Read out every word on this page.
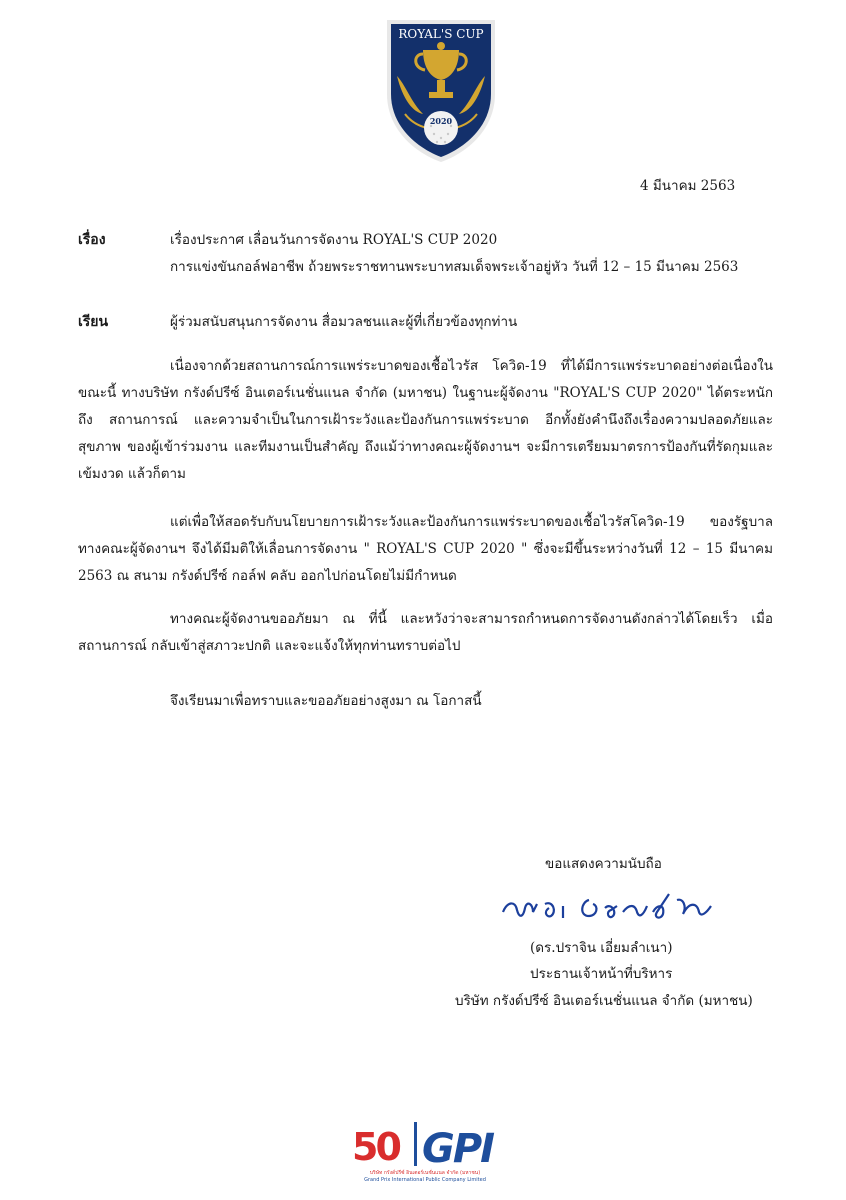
ROYAL'S CUP
2020
4 มีนาคม 2563
เรื่อง	เรื่องประกาศ เลื่อนวันการจัดงาน ROYAL'S CUP 2020
การแข่งขันกอล์ฟอาชีพ ถ้วยพระราชทานพระบาทสมเด็จพระเจ้าอยู่หัว วันที่ 12 – 15 มีนาคม 2563
เรียน	ผู้ร่วมสนับสนุนการจัดงาน สื่อมวลชนและผู้ที่เกี่ยวข้องทุกท่าน

เนื่องจากด้วยสถานการณ์การแพร่ระบาดของเชื้อไวรัส โควิด-19 ที่ได้มีการแพร่ระบาดอย่างต่อเนื่องใน ขณะนี้ ทางบริษัท กรังด์ปรีซ์ อินเตอร์เนชั่นแนล จำกัด (มหาชน) ในฐานะผู้จัดงาน "ROYAL'S CUP 2020" ได้ตระหนักถึง สถานการณ์ และความจำเป็นในการเฝ้าระวังและป้องกันการแพร่ระบาด อีกทั้งยังคำนึงถึงเรื่องความปลอดภัยและสุขภาพ ของผู้เข้าร่วมงาน และทีมงานเป็นสำคัญ ถึงแม้ว่าทางคณะผู้จัดงานฯ จะมีการเตรียมมาตรการป้องกันที่รัดกุมและเข้มงวด แล้วก็ตาม

แต่เพื่อให้สอดรับกับนโยบายการเฝ้าระวังและป้องกันการแพร่ระบาดของเชื้อไวรัสโควิด-19 ของรัฐบาล ทางคณะผู้จัดงานฯ จึงได้มีมติให้เลื่อนการจัดงาน " ROYAL'S CUP 2020 " ซึ่งจะมีขึ้นระหว่างวันที่ 12 – 15 มีนาคม 2563 ณ สนาม กรังด์ปรีซ์ กอล์ฟ คลับ ออกไปก่อนโดยไม่มีกำหนด

ทางคณะผู้จัดงานขออภัยมา ณ ที่นี้ และหวังว่าจะสามารถกำหนดการจัดงานดังกล่าวได้โดยเร็ว เมื่อสถานการณ์ กลับเข้าสู่สภาวะปกติ และจะแจ้งให้ทุกท่านทราบต่อไป

จึงเรียนมาเพื่อทราบและขออภัยอย่างสูงมา ณ โอกาสนี้
ขอแสดงความนับถือ
(ดร.ปราจิน เอี่ยมลำเนา)
ประธานเจ้าหน้าที่บริหาร
บริษัท กรังด์ปรีซ์ อินเตอร์เนชั่นแนล จำกัด (มหาชน)
50 GPI
บริษัท กรังด์ปรีซ์ อินเตอร์เนชั่นแนล จำกัด (มหาชน)
Grand Prix International Public Company Limited
